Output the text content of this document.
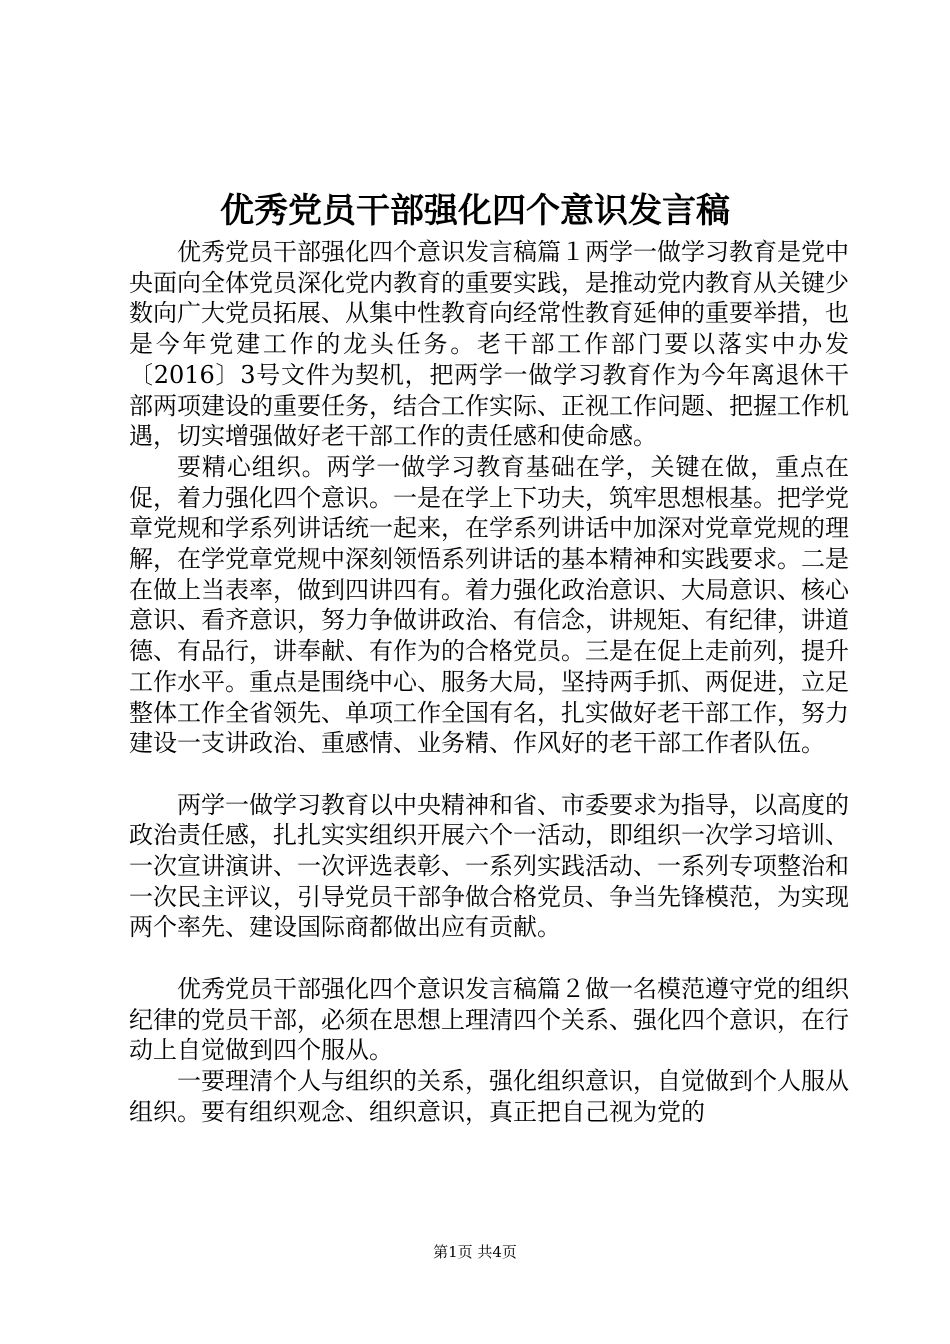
优秀党员干部强化四个意识发言稿

优秀党员干部强化四个意识发言稿篇１两学一做学习教育是党中央面向全体党员深化党内教育的重要实践，是推动党内教育从关键少数向广大党员拓展、从集中性教育向经常性教育延伸的重要举措，也是今年党建工作的龙头任务。老干部工作部门要以落实中办发〔2016〕3号文件为契机，把两学一做学习教育作为今年离退休干部两项建设的重要任务，结合工作实际、正视工作问题、把握工作机遇，切实增强做好老干部工作的责任感和使命感。

要精心组织。两学一做学习教育基础在学，关键在做，重点在促，着力强化四个意识。一是在学上下功夫，筑牢思想根基。把学党章党规和学系列讲话统一起来，在学系列讲话中加深对党章党规的理解，在学党章党规中深刻领悟系列讲话的基本精神和实践要求。二是在做上当表率，做到四讲四有。着力强化政治意识、大局意识、核心意识、看齐意识，努力争做讲政治、有信念，讲规矩、有纪律，讲道德、有品行，讲奉献、有作为的合格党员。三是在促上走前列，提升工作水平。重点是围绕中心、服务大局，坚持两手抓、两促进，立足整体工作全省领先、单项工作全国有名，扎实做好老干部工作，努力建设一支讲政治、重感情、业务精、作风好的老干部工作者队伍。

两学一做学习教育以中央精神和省、市委要求为指导，以高度的政治责任感，扎扎实实组织开展六个一活动，即组织一次学习培训、一次宣讲演讲、一次评选表彰、一系列实践活动、一系列专项整治和一次民主评议，引导党员干部争做合格党员、争当先锋模范，为实现两个率先、建设国际商都做出应有贡献。

优秀党员干部强化四个意识发言稿篇２做一名模范遵守党的组织纪律的党员干部，必须在思想上理清四个关系、强化四个意识，在行动上自觉做到四个服从。

一要理清个人与组织的关系，强化组织意识，自觉做到个人服从组织。要有组织观念、组织意识，真正把自己视为党的

第1页 共4页
